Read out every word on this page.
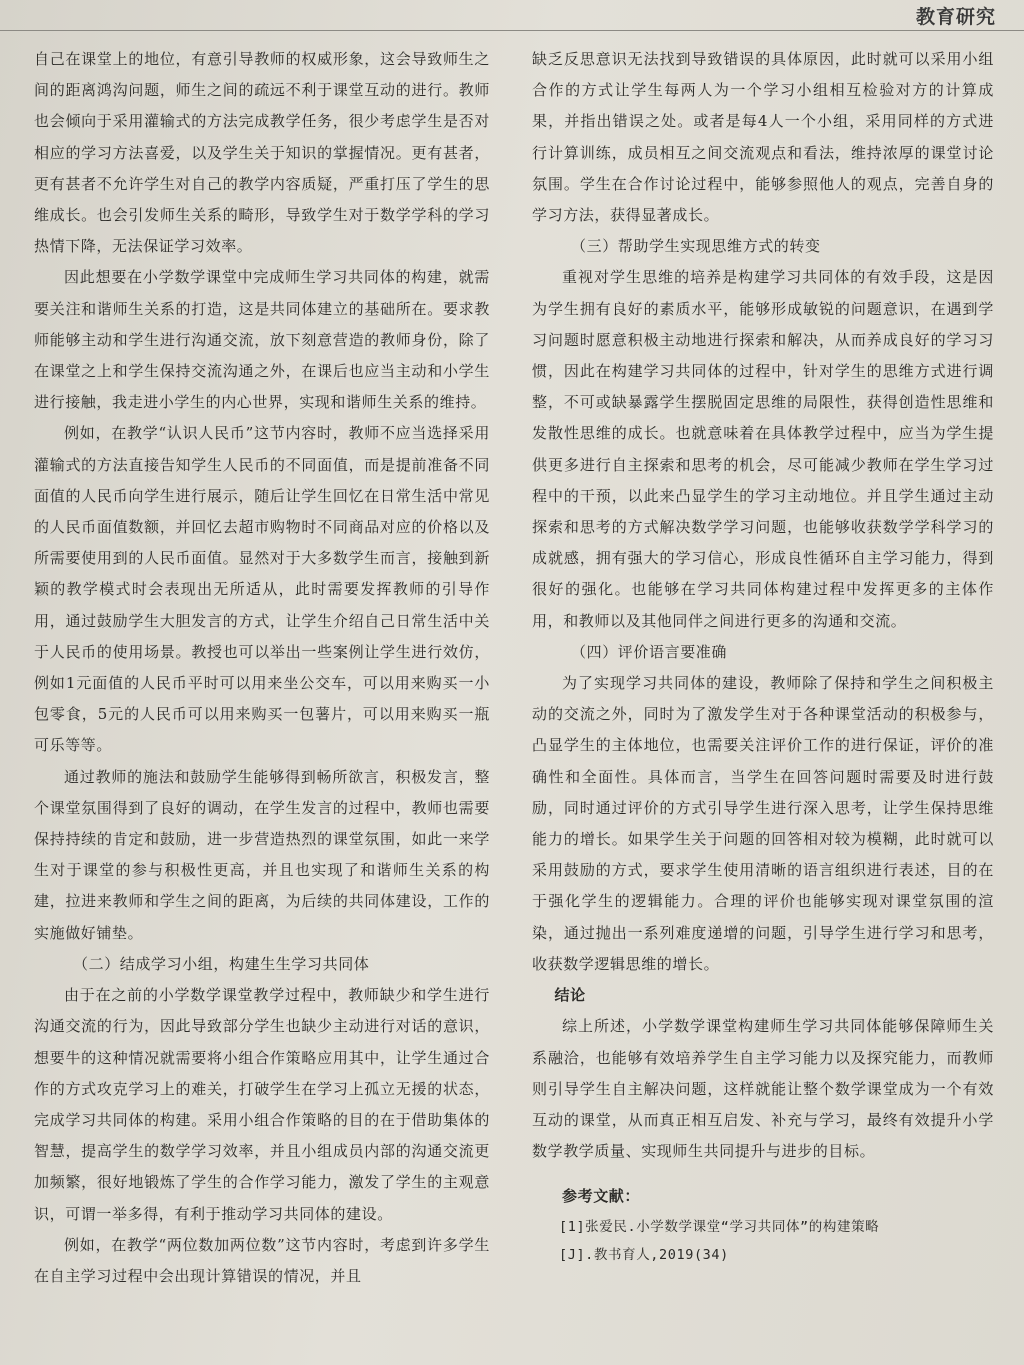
教育研究

自己在课堂上的地位，有意引导教师的权威形象，这会导致师生之间的距离鸿沟问题，师生之间的疏远不利于课堂互动的进行。教师也会倾向于采用灌输式的方法完成教学任务，很少考虑学生是否对相应的学习方法喜爱，以及学生关于知识的掌握情况。更有甚者，更有甚者不允许学生对自己的教学内容质疑，严重打压了学生的思维成长。也会引发师生关系的畸形，导致学生对于数学学科的学习热情下降，无法保证学习效率。

因此想要在小学数学课堂中完成师生学习共同体的构建，就需要关注和谐师生关系的打造，这是共同体建立的基础所在。要求教师能够主动和学生进行沟通交流，放下刻意营造的教师身份，除了在课堂之上和学生保持交流沟通之外，在课后也应当主动和小学生进行接触，我走进小学生的内心世界，实现和谐师生关系的维持。

例如，在教学“认识人民币”这节内容时，教师不应当选择采用灌输式的方法直接告知学生人民币的不同面值，而是提前准备不同面值的人民币向学生进行展示，随后让学生回忆在日常生活中常见的人民币面值数额，并回忆去超市购物时不同商品对应的价格以及所需要使用到的人民币面值。显然对于大多数学生而言，接触到新颖的教学模式时会表现出无所适从，此时需要发挥教师的引导作用，通过鼓励学生大胆发言的方式，让学生介绍自己日常生活中关于人民币的使用场景。教授也可以举出一些案例让学生进行效仿，例如1元面值的人民币平时可以用来坐公交车，可以用来购买一小包零食，5元的人民币可以用来购买一包薯片，可以用来购买一瓶可乐等等。

通过教师的施法和鼓励学生能够得到畅所欲言，积极发言，整个课堂氛围得到了良好的调动，在学生发言的过程中，教师也需要保持持续的肯定和鼓励，进一步营造热烈的课堂氛围，如此一来学生对于课堂的参与积极性更高，并且也实现了和谐师生关系的构建，拉进来教师和学生之间的距离，为后续的共同体建设，工作的实施做好铺垫。

（二）结成学习小组，构建生生学习共同体

由于在之前的小学数学课堂教学过程中，教师缺少和学生进行沟通交流的行为，因此导致部分学生也缺少主动进行对话的意识，想要牛的这种情况就需要将小组合作策略应用其中，让学生通过合作的方式攻克学习上的难关，打破学生在学习上孤立无援的状态，完成学习共同体的构建。采用小组合作策略的目的在于借助集体的智慧，提高学生的数学学习效率，并且小组成员内部的沟通交流更加频繁，很好地锻炼了学生的合作学习能力，激发了学生的主观意识，可谓一举多得，有利于推动学习共同体的建设。

例如，在教学“两位数加两位数”这节内容时，考虑到许多学生在自主学习过程中会出现计算错误的情况，并且

缺乏反思意识无法找到导致错误的具体原因，此时就可以采用小组合作的方式让学生每两人为一个学习小组相互检验对方的计算成果，并指出错误之处。或者是每4人一个小组，采用同样的方式进行计算训练，成员相互之间交流观点和看法，维持浓厚的课堂讨论氛围。学生在合作讨论过程中，能够参照他人的观点，完善自身的学习方法，获得显著成长。

（三）帮助学生实现思维方式的转变

重视对学生思维的培养是构建学习共同体的有效手段，这是因为学生拥有良好的素质水平，能够形成敏锐的问题意识，在遇到学习问题时愿意积极主动地进行探索和解决，从而养成良好的学习习惯，因此在构建学习共同体的过程中，针对学生的思维方式进行调整，不可或缺暴露学生摆脱固定思维的局限性，获得创造性思维和发散性思维的成长。也就意味着在具体教学过程中，应当为学生提供更多进行自主探索和思考的机会，尽可能减少教师在学生学习过程中的干预，以此来凸显学生的学习主动地位。并且学生通过主动探索和思考的方式解决数学学习问题，也能够收获数学学科学习的成就感，拥有强大的学习信心，形成良性循环自主学习能力，得到很好的强化。也能够在学习共同体构建过程中发挥更多的主体作用，和教师以及其他同伴之间进行更多的沟通和交流。

（四）评价语言要准确

为了实现学习共同体的建设，教师除了保持和学生之间积极主动的交流之外，同时为了激发学生对于各种课堂活动的积极参与，凸显学生的主体地位，也需要关注评价工作的进行保证，评价的准确性和全面性。具体而言，当学生在回答问题时需要及时进行鼓励，同时通过评价的方式引导学生进行深入思考，让学生保持思维能力的增长。如果学生关于问题的回答相对较为模糊，此时就可以采用鼓励的方式，要求学生使用清晰的语言组织进行表述，目的在于强化学生的逻辑能力。合理的评价也能够实现对课堂氛围的渲染，通过抛出一系列难度递增的问题，引导学生进行学习和思考，收获数学逻辑思维的增长。

结论

综上所述，小学数学课堂构建师生学习共同体能够保障师生关系融洽，也能够有效培养学生自主学习能力以及探究能力，而教师则引导学生自主解决问题，这样就能让整个数学课堂成为一个有效互动的课堂，从而真正相互启发、补充与学习，最终有效提升小学数学教学质量、实现师生共同提升与进步的目标。

参考文献：

[1]张爱民.小学数学课堂“学习共同体”的构建策略

[J].教书育人,2019(34)
